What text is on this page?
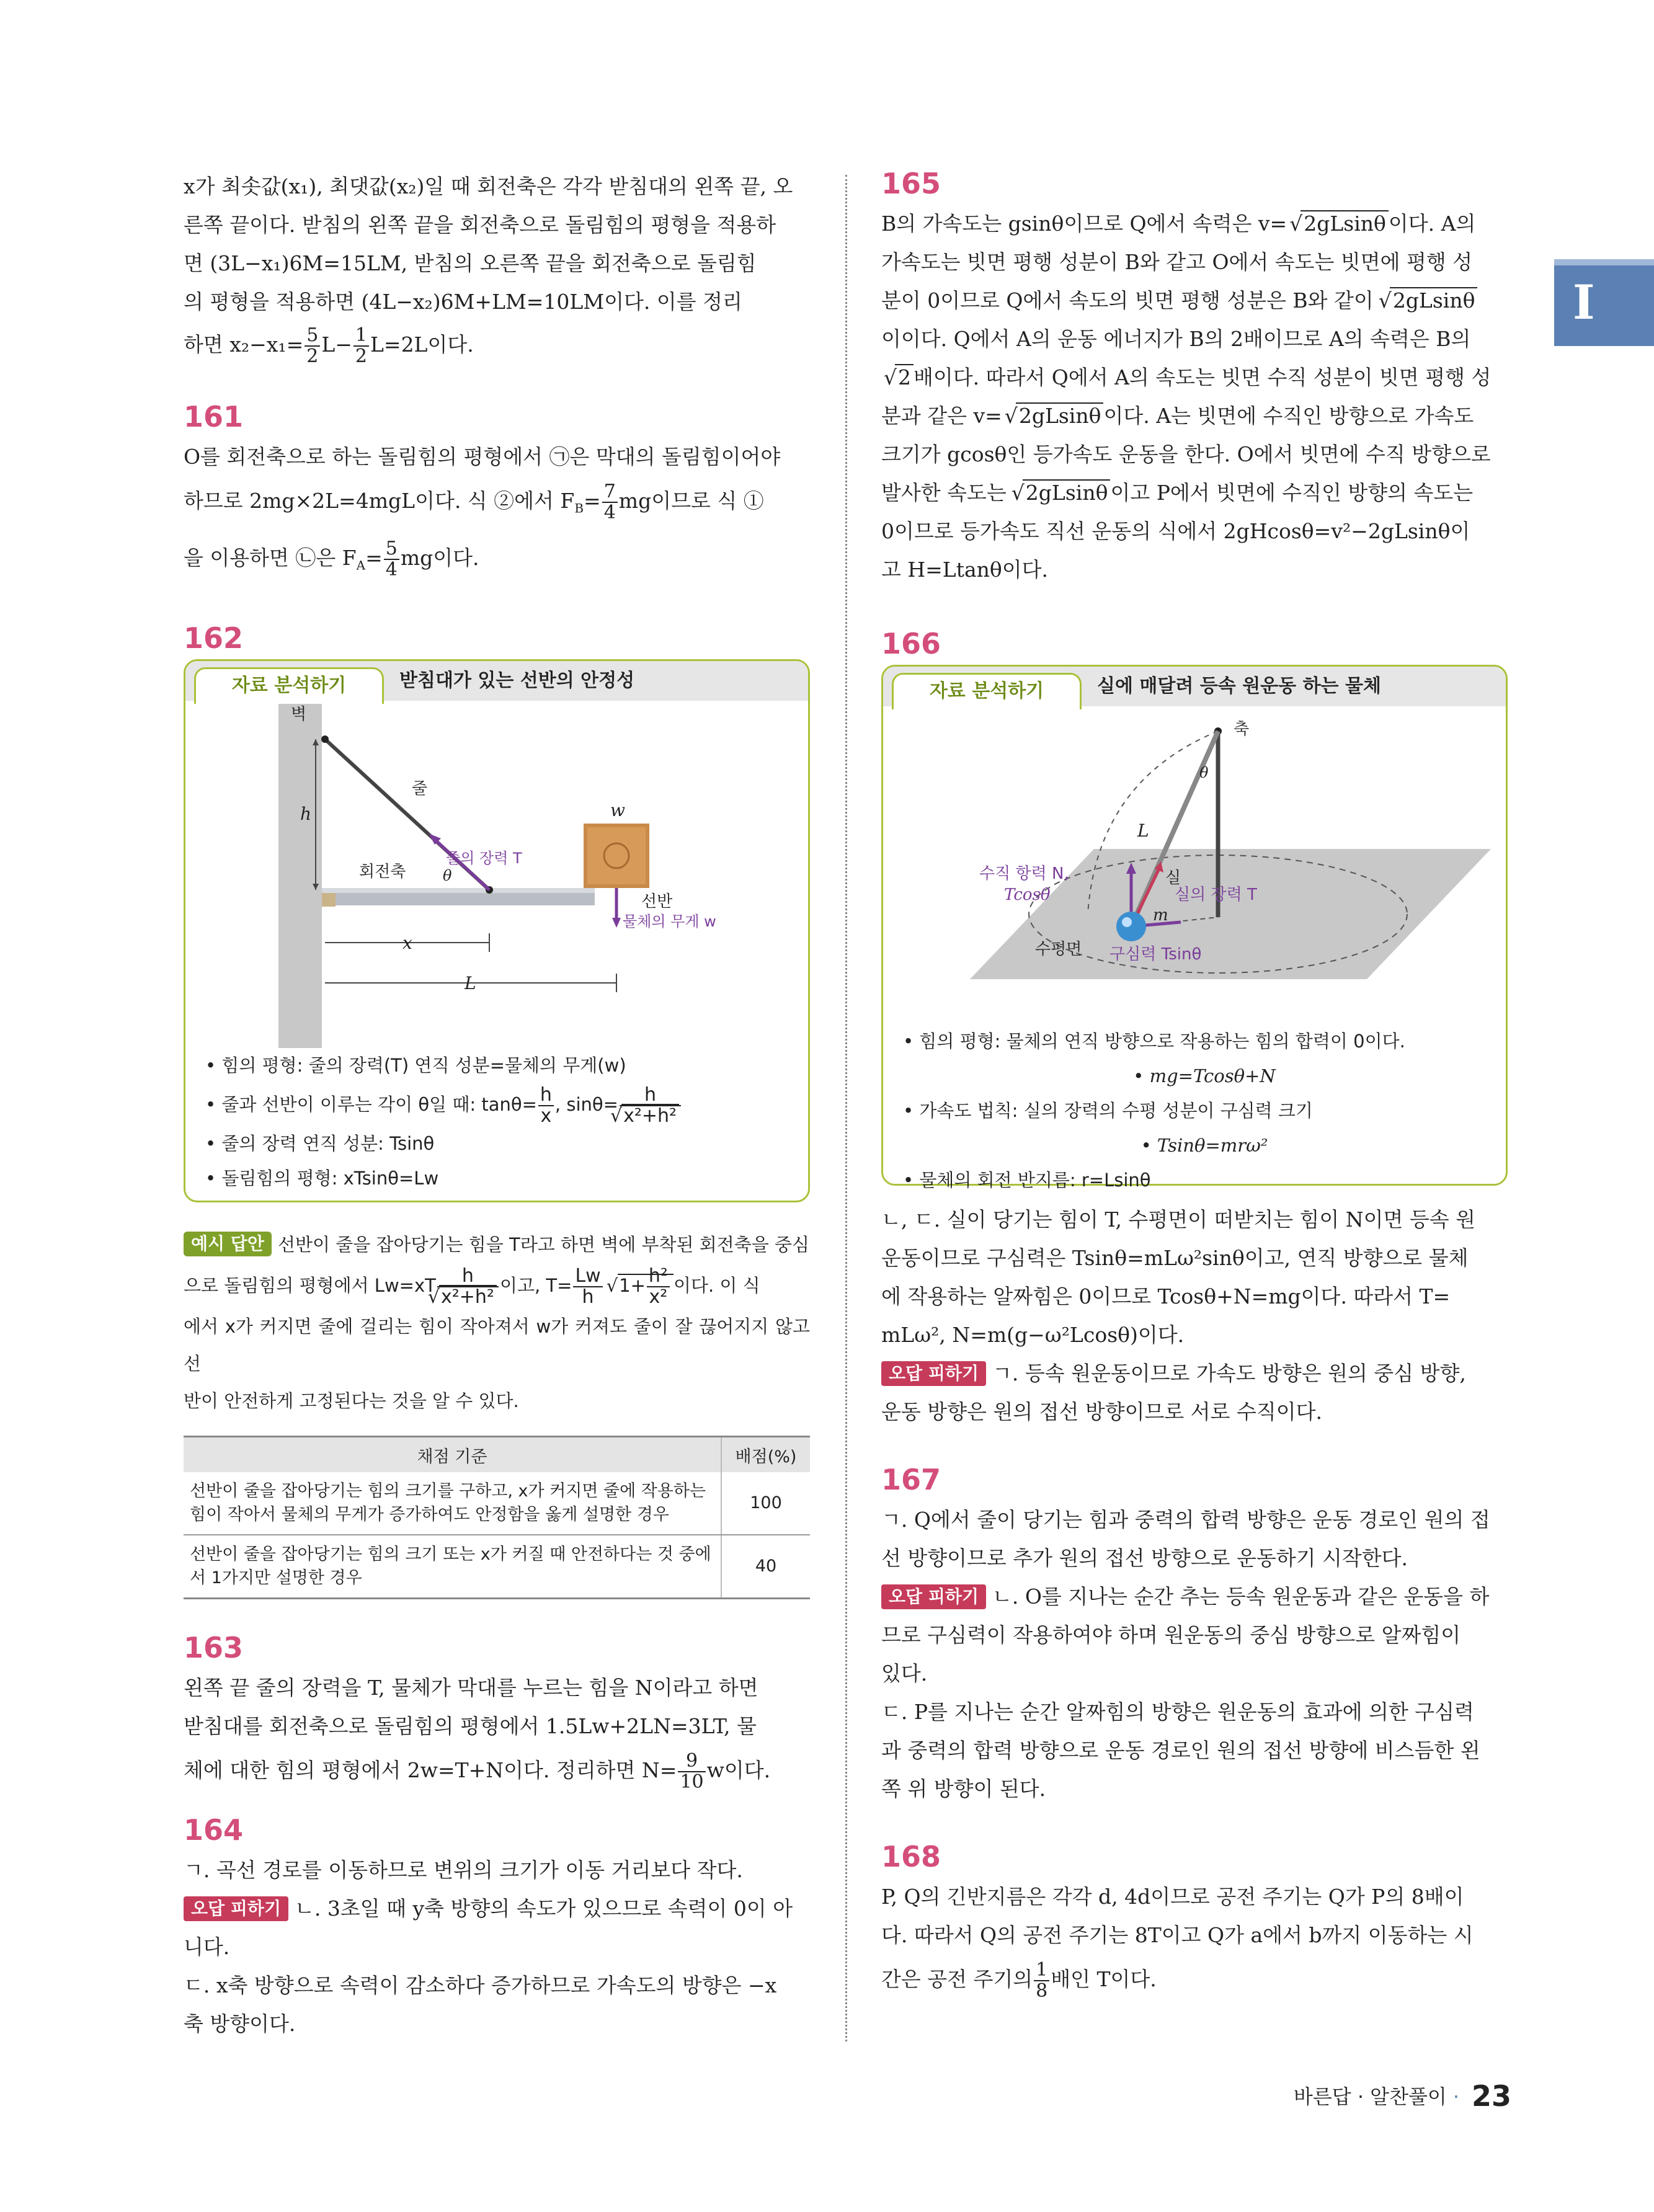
I

x가 최솟값(x₁), 최댓값(x₂)일 때 회전축은 각각 받침대의 왼쪽 끝, 오

른쪽 끝이다. 받침의 왼쪽 끝을 회전축으로 돌림힘의 평형을 적용하

면 (3L−x₁)6M=15LM, 받침의 오른쪽 끝을 회전축으로 돌림힘

의 평형을 적용하면 (4L−x₂)6M+LM=10LM이다. 이를 정리

하면 $x_2-x_1= \frac{5}{2} L- \frac{1}{2} L=2L$이다.

161

O를 회전축으로 하는 돌림힘의 평형에서 ㉠은 막대의 돌림힘이어야

하므로 2mg×2L=4mgL이다. 식 ②에서 $F_B= \frac{7}{4}$ mg이므로 식 ①

을 이용하면 ㉡은 $F_A= \frac{5}{4}$ mg이다.

162
자료 분석하기	받침대가 있는 선반의 안정성
벽
h
줄
줄의 장력 T
θ
회전축
w
선반
물체의 무게 w
x
L
• 힘의 평형: 줄의 장력(T) 연직 성분=물체의 무게(w)
• 줄과 선반이 이루는 각이 θ일 때: $\tan\theta= \frac{h}{x}$ , sinθ= h
√ x²+h²
• 줄의 장력 연직 성분: Tsinθ
• 돌림힘의 평형: xTsinθ=Lw
예시 답안 선반이 줄을 잡아당기는 힘을 T라고 하면 벽에 부착된 회전축을 중심
으로 돌림힘의 평형에서 Lw=xT h
√ x²+h² 이고, $T= \frac{Lw}{h}$ √ $1+ \frac{\text{h²}}{\text{x²}}$ 이다. 이 식
에서 x가 커지면 줄에 걸리는 힘이 작아져서 w가 커져도 줄이 잘 끊어지지 않고 선
반이 안전하게 고정된다는 것을 알 수 있다.
채점 기준	배점(%)
선반이 줄을 잡아당기는 힘의 크기를 구하고, x가 커지면 줄에 작용하는 힘이 작아서 물체의 무게가 증가하여도 안정함을 옳게 설명한 경우	100
선반이 줄을 잡아당기는 힘의 크기 또는 x가 커질 때 안전하다는 것 중에서 1가지만 설명한 경우	40
163

왼쪽 끝 줄의 장력을 T, 물체가 막대를 누르는 힘을 N이라고 하면

받침대를 회전축으로 돌림힘의 평형에서 1.5Lw+2LN=3LT, 물

체에 대한 힘의 평형에서 2w=T+N이다. 정리하면 $N= \frac{9}{10}$ w이다.

164

ㄱ. 곡선 경로를 이동하므로 변위의 크기가 이동 거리보다 작다.

오답 피하기 ㄴ. 3초일 때 y축 방향의 속도가 있으므로 속력이 0이 아

니다.

ㄷ. x축 방향으로 속력이 감소하다 증가하므로 가속도의 방향은 −x

축 방향이다.

165

B의 가속도는 gsinθ이므로 Q에서 속력은 v= √ 2gLsinθ 이다. A의

가속도는 빗면 평행 성분이 B와 같고 O에서 속도는 빗면에 평행 성

분이 0이므로 Q에서 속도의 빗면 평행 성분은 B와 같이 √ 2gLsinθ

이이다. Q에서 A의 운동 에너지가 B의 2배이므로 A의 속력은 B의

√ 2 배이다. 따라서 Q에서 A의 속도는 빗면 수직 성분이 빗면 평행 성

분과 같은 v= √ 2gLsinθ 이다. A는 빗면에 수직인 방향으로 가속도

크기가 gcosθ인 등가속도 운동을 한다. O에서 빗면에 수직 방향으로

발사한 속도는 √ 2gLsinθ 이고 P에서 빗면에 수직인 방향의 속도는

0이므로 등가속도 직선 운동의 식에서 2gHcosθ=v²−2gLsinθ이

고 H=Ltanθ이다.

166
자료 분석하기	실에 매달려 등속 원운동 하는 물체
축
θ
L
실
수직 항력 N,
Tcosθ	실의 장력 T
m
수평면 구심력 Tsinθ
• 힘의 평형: 물체의 연직 방향으로 작용하는 힘의 합력이 0이다.
• mg=Tcosθ+N
• 가속도 법칙: 실의 장력의 수평 성분이 구심력 크기
• Tsinθ=mrω²
• 물체의 회전 반지름: r=Lsinθ

ㄴ, ㄷ. 실이 당기는 힘이 T, 수평면이 떠받치는 힘이 N이면 등속 원

운동이므로 구심력은 Tsinθ=mLω²sinθ이고, 연직 방향으로 물체

에 작용하는 알짜힘은 0이므로 Tcosθ+N=mg이다. 따라서 T=

mLω², N=m(g−ω²Lcosθ)이다.

오답 피하기 ㄱ. 등속 원운동이므로 가속도 방향은 원의 중심 방향,

운동 방향은 원의 접선 방향이므로 서로 수직이다.

167

ㄱ. Q에서 줄이 당기는 힘과 중력의 합력 방향은 운동 경로인 원의 접

선 방향이므로 추가 원의 접선 방향으로 운동하기 시작한다.

오답 피하기 ㄴ. O를 지나는 순간 추는 등속 원운동과 같은 운동을 하

므로 구심력이 작용하여야 하며 원운동의 중심 방향으로 알짜힘이

있다.

ㄷ. P를 지나는 순간 알짜힘의 방향은 원운동의 효과에 의한 구심력

과 중력의 합력 방향으로 운동 경로인 원의 접선 방향에 비스듬한 왼

쪽 위 방향이 된다.

168

P, Q의 긴반지름은 각각 d, 4d이므로 공전 주기는 Q가 P의 8배이

다. 따라서 Q의 공전 주기는 8T이고 Q가 a에서 b까지 이동하는 시

간은 공전 주기의 $\frac{1}{8}$ 배인 T이다.

바른답 · 알찬풀이 · 23
